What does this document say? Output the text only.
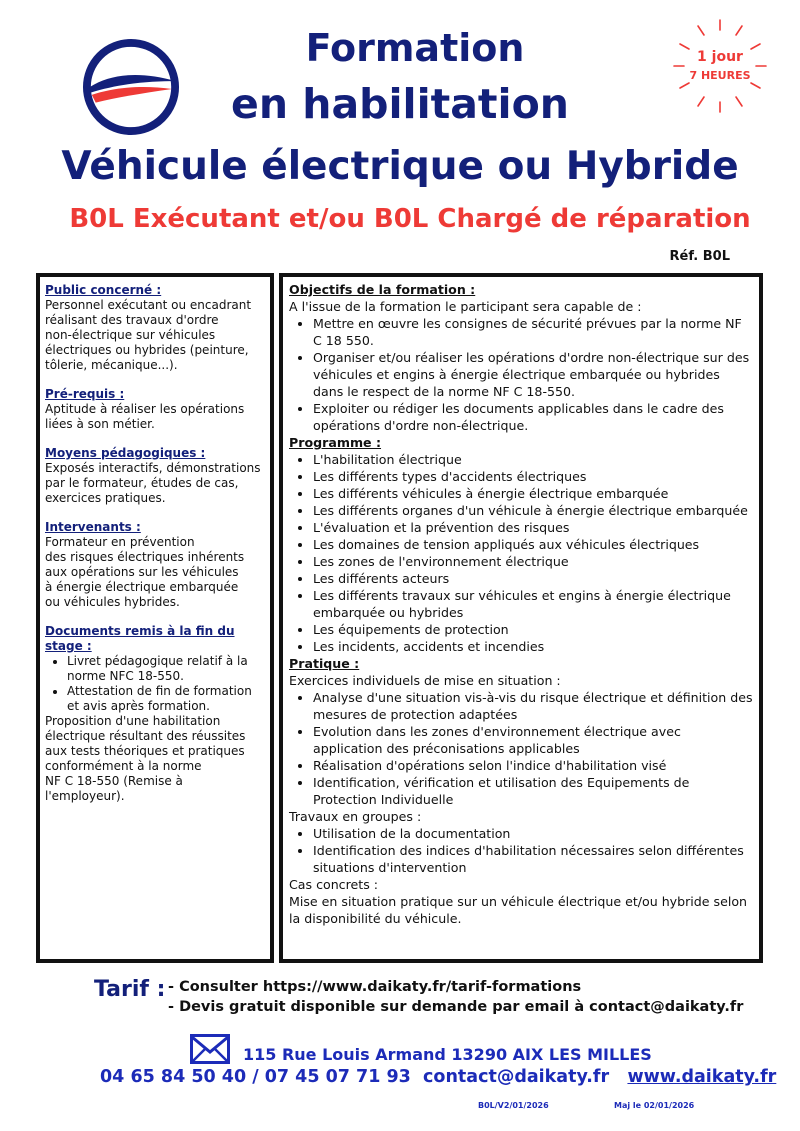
Formation
en habilitation
Véhicule électrique ou Hybride
B0L Exécutant et/ou B0L Chargé de réparation
Réf. B0L
1 jour
7 HEURES
Public concerné :
Personnel exécutant ou encadrant
réalisant des travaux d'ordre
non-électrique sur véhicules
électriques ou hybrides (peinture,
tôlerie, mécanique...).
Pré-requis :
Aptitude à réaliser les opérations
liées à son métier.
Moyens pédagogiques :
Exposés interactifs, démonstrations
par le formateur, études de cas,
exercices pratiques.
Intervenants :
Formateur en prévention
des risques électriques inhérents
aux opérations sur les véhicules
à énergie électrique embarquée
ou véhicules hybrides.
Documents remis à la fin du stage :
• Livret pédagogique relatif à la norme NFC 18-550.
• Attestation de fin de formation et avis après formation.
Proposition d'une habilitation
électrique résultant des réussites
aux tests théoriques et pratiques
conformément à la norme
NF C 18-550 (Remise à l'employeur).
Objectifs de la formation :
A l'issue de la formation le participant sera capable de :
• Mettre en œuvre les consignes de sécurité prévues par la norme NF C 18 550.
• Organiser et/ou réaliser les opérations d'ordre non-électrique sur des véhicules et engins à énergie électrique embarquée ou hybrides dans le respect de la norme NF C 18-550.
• Exploiter ou rédiger les documents applicables dans le cadre des opérations d'ordre non-électrique.
Programme :
• L'habilitation électrique
• Les différents types d'accidents électriques
• Les différents véhicules à énergie électrique embarquée
• Les différents organes d'un véhicule à énergie électrique embarquée
• L'évaluation et la prévention des risques
• Les domaines de tension appliqués aux véhicules électriques
• Les zones de l'environnement électrique
• Les différents acteurs
• Les différents travaux sur véhicules et engins à énergie électrique embarquée ou hybrides
• Les équipements de protection
• Les incidents, accidents et incendies
Pratique :
Exercices individuels de mise en situation :
• Analyse d'une situation vis-à-vis du risque électrique et définition des mesures de protection adaptées
• Evolution dans les zones d'environnement électrique avec application des préconisations applicables
• Réalisation d'opérations selon l'indice d'habilitation visé
• Identification, vérification et utilisation des Equipements de Protection Individuelle
Travaux en groupes :
• Utilisation de la documentation
• Identification des indices d'habilitation nécessaires selon différentes situations d'intervention
Cas concrets :
Mise en situation pratique sur un véhicule électrique et/ou hybride selon la disponibilité du véhicule.
Tarif : - Consulter https://www.daikaty.fr/tarif-formations
- Devis gratuit disponible sur demande par email à contact@daikaty.fr
115 Rue Louis Armand 13290 AIX LES MILLES
04 65 84 50 40 / 07 45 07 71 93 contact@daikaty.fr www.daikaty.fr
B0L/V2/01/2026	Maj le 02/01/2026
